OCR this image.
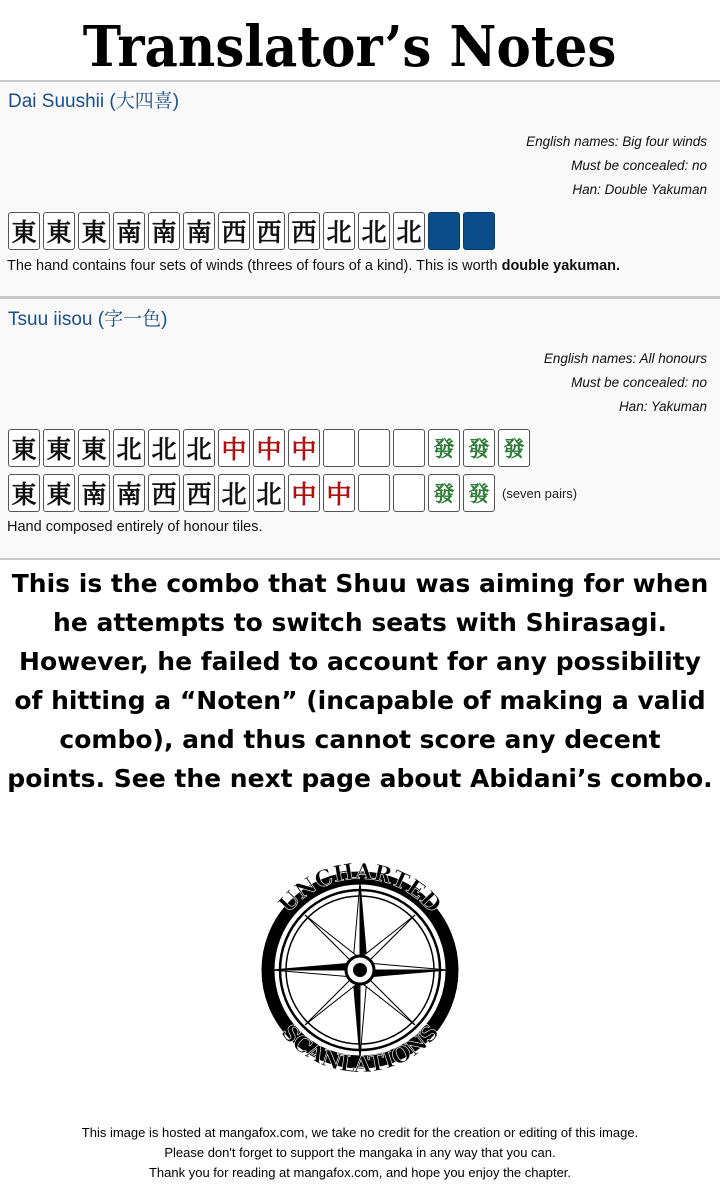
Translator’s Notes
Dai Suushii (大四喜)
English names: Big four winds
Must be concealed: no
Han: Double Yakuman
東 東 東 南 南 南 西 西 西 北 北 北
The hand contains four sets of winds (threes of fours of a kind). This is worth double yakuman.
Tsuu iisou (字一色)
English names: All honours
Must be concealed: no
Han: Yakuman
東 東 東 北 北 北 中 中 中	發 發 發
東 東 南 南 西 西 北 北 中 中	發 發 (seven pairs)
Hand composed entirely of honour tiles.
This is the combo that Shuu was aiming for when
he attempts to switch seats with Shirasagi.
However, he failed to account for any possibility
of hitting a “Noten” (incapable of making a valid
combo), and thus cannot score any decent
points. See the next page about Abidani’s combo.
UNCHARTED
SCANLATIONS
This image is hosted at mangafox.com, we take no credit for the creation or editing of this image.
Please don't forget to support the mangaka in any way that you can.
Thank you for reading at mangafox.com, and hope you enjoy the chapter.
